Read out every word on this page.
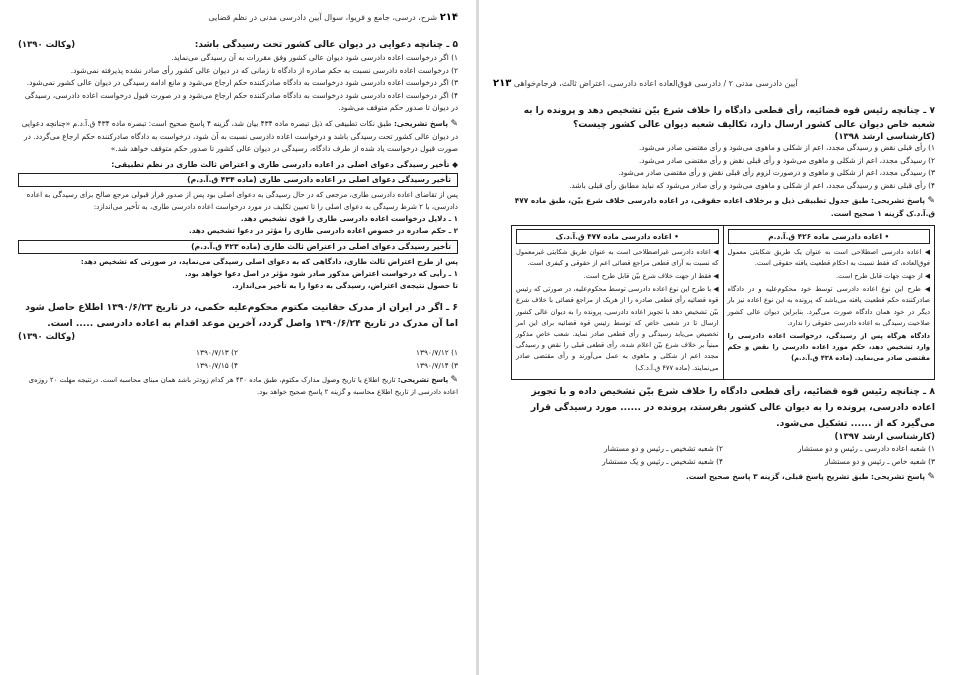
۲۱۴ شرح، درسی، جامع و فریوا، سوال آیین دادرسی مدنی در نظم قضایی

۵ ـ چنانچه دعوایی در دیوان عالی کشور تحت رسیدگی باشد:
(وکالت ۱۳۹۰)

۱) اگر درخواست اعاده دادرسی شود دیوان عالی کشور وفق مقررات به آن رسیدگی می‌نماید.

۲) درخواست اعاده دادرسی نسبت به حکم صادره از دادگاه تا زمانی که در دیوان عالی کشور رأی صادر نشده پذیرفته نمی‌شود.

۳) اگر درخواست اعاده دادرسی شود درخواست به دادگاه صادرکننده حکم ارجاع می‌شود و مانع ادامه رسیدگی در دیوان عالی کشور نمی‌شود.

۴) اگر درخواست اعاده دادرسی شود درخواست به دادگاه صادرکننده حکم ارجاع می‌شود و در صورت قبول درخواست اعاده دادرسی، رسیدگی در دیوان تا صدور حکم متوقف می‌شود.

✎ پاسخ تشریحی: طبق نکات تطبیقی که ذیل تبصره ماده ۴۳۴ بیان شد، گزینه ۴ پاسخ صحیح است: تبصره ماده ۴۳۴ ق.آ.د.م «چنانچه دعوایی در دیوان عالی کشور تحت رسیدگی باشد و درخواست اعاده دادرسی نسبت به آن شود، درخواست به دادگاه صادرکننده حکم ارجاع می‌گردد. در صورت قبول درخواست یاد شده از طرف دادگاه، رسیدگی در دیوان عالی کشور تا صدور حکم متوقف خواهد شد.»

◆ تأخیر رسیدگی دعوای اصلی در اعاده دادرسی طاری و اعتراض ثالث طاری در نظم تطبیقی:

تأخیر رسیدگی دعوای اصلی در اعاده دادرسی طاری (ماده ۴۳۴ ق.آ.د.م)

پس از تقاضای اعاده دادرسی طاری، مرجعی که در حال رسیدگی به دعوای اصلی بود پس از صدور قرار قبولی مرجع صالح برای رسیدگی به اعاده دادرسی، با ۲ شرط رسیدگی به دعوای اصلی را تا تعیین تکلیف در مورد درخواست اعاده دادرسی طاری، به تأخیر می‌اندازد:

۱ ـ دلایل درخواست اعاده دادرسی طاری را قوی تشخیص دهد.

۲ ـ حکم صادره در خصوص اعاده دادرسی طاری را مؤثر در دعوا تشخیص دهد.

تأخیر رسیدگی دعوای اصلی در اعتراض ثالث طاری (ماده ۴۲۳ ق.آ.د.م)

پس از طرح اعتراض ثالث طاری، دادگاهی که به دعوای اصلی رسیدگی می‌نماید، در صورتی که تشخیص دهد:

۱ ـ رأیی که درخواست اعتراض مذکور صادر شود مؤثر در اصل دعوا خواهد بود.

تا حصول نتیجه‌ی اعتراض، رسیدگی به دعوا را به تأخیر می‌اندازد.

۶ ـ اگر در ایران از مدرک حقانیت مکتوم محکوم‌علیه حکمی، در تاریخ ۱۳۹۰/۶/۲۳ اطلاع حاصل شود اما آن مدرک در تاریخ ۱۳۹۰/۶/۲۴ واصل گردد، آخرین موعد اقدام به اعاده دادرسی ..... است.

(وکالت ۱۳۹۰)

۱) ۱۳۹۰/۷/۱۲
۲) ۱۳۹۰/۷/۱۳
۳) ۱۳۹۰/۷/۱۴
۴) ۱۳۹۰/۷/۱۵

✎ پاسخ تشریحی: تاریخ اطلاع یا تاریخ وصول مدارک مکتوم، طبق ماده ۴۳۰ هر کدام زودتر باشد همان مبنای محاسبه است. درنتیجه مهلت ۲۰ روزه‌ی اعاده دادرسی از تاریخ اطلاع محاسبه و گزینه ۲ پاسخ صحیح خواهد بود.

آیین دادرسی مدنی ۲ / دادرسی فوق‌العاده اعاده دادرسی، اعتراض ثالث، فرجام‌خواهی ۲۱۳

۷ ـ چنانچه رئیس قوه قضائیه، رأی قطعی دادگاه را خلاف شرع بیّن تشخیص دهد و پرونده را به شعبه خاص دیوان عالی کشور ارسال دارد، تکالیف شعبه دیوان عالی کشور چیست؟

(کارشناسی ارشد ۱۳۹۸)

۱) رأی قبلی نقض و رسیدگی مجدد، اعم از شکلی و ماهوی می‌شود و رأی مقتضی صادر می‌شود.

۲) رسیدگی مجدد، اعم از شکلی و ماهوی می‌شود و رأی قبلی نقض و رأی مقتضی صادر می‌شود.

۳) رسیدگی مجدد، اعم از شکلی و ماهوی و درصورت لزوم رأی قبلی نقض و رأی مقتضی صادر می‌شود.

۴) رأی قبلی نقض و رسیدگی مجدد، اعم از شکلی و ماهوی می‌شود و رأی صادر می‌شود که نباید مطابق رأی قبلی باشد.

✎ پاسخ تشریحی: طبق جدول تطبیقی ذیل و برخلاف اعاده حقوقی، در اعاده دادرسی خلاف شرع بیّن، طبق ماده ۴۷۷ ق.آ.د.ک گزینه ۱ صحیح است.

• اعاده دادرسی ماده ۴۲۶ ق.آ.د.م

◀ اعاده دادرسی اصطلاحی است به عنوان یک طریق شکایتی معمول فوق‌العاده، که فقط نسبت به احکام قطعیت یافته حقوقی است.

◀ از جهت جهات قابل طرح است.

◀ طرح این نوع اعاده دادرسی توسط خود محکوم‌علیه و در دادگاه صادرکننده حکم قطعیت یافته می‌باشد که پرونده به این نوع اعاده نیز بار دیگر در خود همان دادگاه صورت می‌گیرد. بنابراین دیوان عالی کشور صلاحیت رسیدگی به اعاده دادرسی حقوقی را ندارد.

دادگاه هرگاه پس از رسیدگی، درخواست اعاده دادرسی را وارد تشخیص دهد، حکم مورد اعاده دادرسی را نقض و حکم مقتضی صادر می‌نماید. (ماده ۴۳۸ ق.آ.د.م)

• اعاده دادرسی ماده ۴۷۷ ق.آ.د.ک

◀ اعاده دادرسی غیراصطلاحی است به عنوان طریق شکایتی غیرمعمول که نسبت به آرای قطعی مراجع قضائی اعم از حقوقی و کیفری است.

◀ فقط از جهت خلاف شرع بیّن قابل طرح است.

◀ با طرح این نوع اعاده دادرسی توسط محکوم‌علیه، در صورتی که رئیس قوه قضائیه رأی قطعی صادره را از هریک از مراجع قضائی با خلاف شرع بیّن تشخیص دهد با تجویز اعاده دادرسی، پرونده را به دیوان عالی کشور ارسال تا در شعبی خاص که توسط رئیس قوه قضائیه برای این امر تخصیص می‌یابد رسیدگی و رأی قطعی صادر نماید. شعب خاص مذکور مبنیاً بر خلاف شرع بیّن اعلام شده، رأی قطعی قبلی را نقض و رسیدگی مجدد اعم از شکلی و ماهوی به عمل می‌آورند و رأی مقتضی صادر می‌نمایند. (ماده ۴۷۷ ق.آ.د.ک)

۸ ـ چنانچه رئیس قوه قضائیه، رأی قطعی دادگاه را خلاف شرع بیّن تشخیص داده و با تجویز اعاده دادرسی، پرونده را به دیوان عالی کشور بفرستد، پرونده در ...... مورد رسیدگی قرار می‌گیرد که از ...... تشکیل می‌شود.

(کارشناسی ارشد ۱۳۹۷)

۱) شعبه اعاده دادرسی ـ رئیس و دو مستشار
۲) شعبه تشخیص ـ رئیس و دو مستشار
۳) شعبه خاص ـ رئیس و دو مستشار
۴) شعبه تشخیص ـ رئیس و یک مستشار

✎ پاسخ تشریحی: طبق تشریح پاسخ قبلی، گزینه ۳ پاسخ صحیح است.
